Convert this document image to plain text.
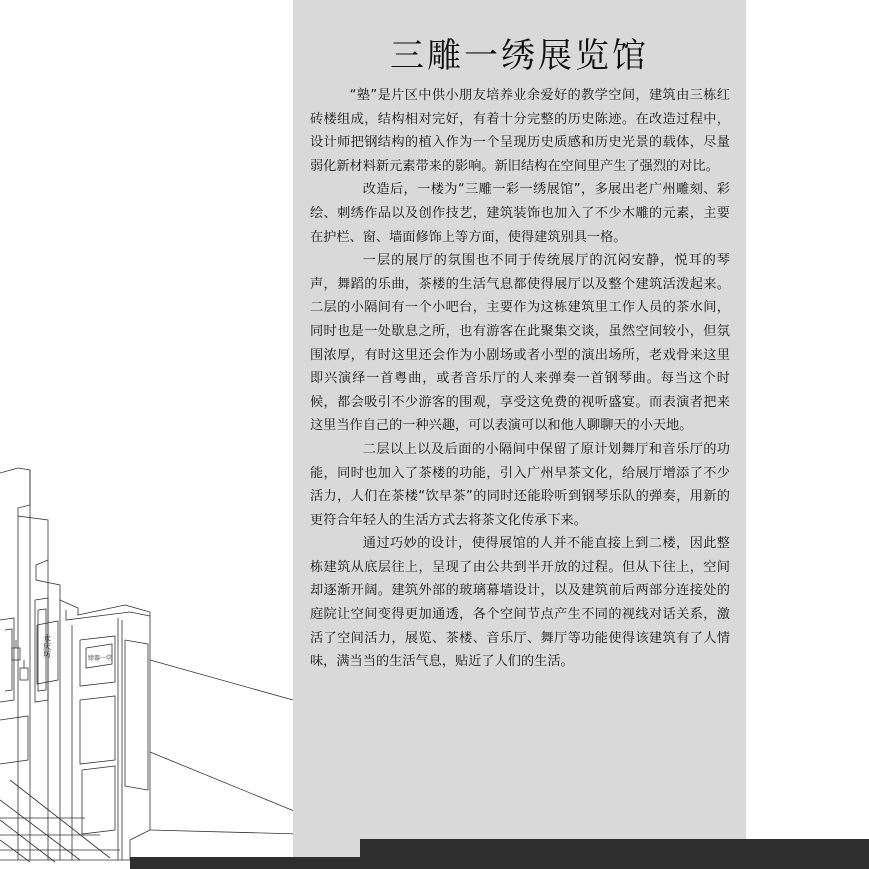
永庆坊
肆器一堂
三雕一绣展览馆

“塾”是片区中供小朋友培养业余爱好的教学空间，建筑由三栋红砖楼组成，结构相对完好，有着十分完整的历史陈迹。在改造过程中，设计师把钢结构的植入作为一个呈现历史质感和历史光景的载体，尽量弱化新材料新元素带来的影响。新旧结构在空间里产生了强烈的对比。

改造后，一楼为“三雕一彩一绣展馆”，多展出老广州雕刻、彩绘、刺绣作品以及创作技艺，建筑装饰也加入了不少木雕的元素，主要在护栏、窗、墙面修饰上等方面，使得建筑别具一格。

一层的展厅的氛围也不同于传统展厅的沉闷安静，悦耳的琴声，舞蹈的乐曲，茶楼的生活气息都使得展厅以及整个建筑活泼起来。二层的小隔间有一个小吧台，主要作为这栋建筑里工作人员的茶水间，同时也是一处歇息之所，也有游客在此聚集交谈，虽然空间较小，但氛围浓厚，有时这里还会作为小剧场或者小型的演出场所，老戏骨来这里即兴演绎一首粤曲，或者音乐厅的人来弹奏一首钢琴曲。每当这个时候，都会吸引不少游客的围观，享受这免费的视听盛宴。而表演者把来这里当作自己的一种兴趣，可以表演可以和他人聊聊天的小天地。

二层以上以及后面的小隔间中保留了原计划舞厅和音乐厅的功能，同时也加入了茶楼的功能，引入广州早茶文化，给展厅增添了不少活力，人们在茶楼“饮早茶”的同时还能聆听到钢琴乐队的弹奏，用新的更符合年轻人的生活方式去将茶文化传承下来。

通过巧妙的设计，使得展馆的人并不能直接上到二楼，因此整栋建筑从底层往上，呈现了由公共到半开放的过程。但从下往上，空间却逐渐开阔。建筑外部的玻璃幕墙设计，以及建筑前后两部分连接处的庭院让空间变得更加通透，各个空间节点产生不同的视线对话关系，激活了空间活力，展览、茶楼、音乐厅、舞厅等功能使得该建筑有了人情味，满当当的生活气息，贴近了人们的生活。
